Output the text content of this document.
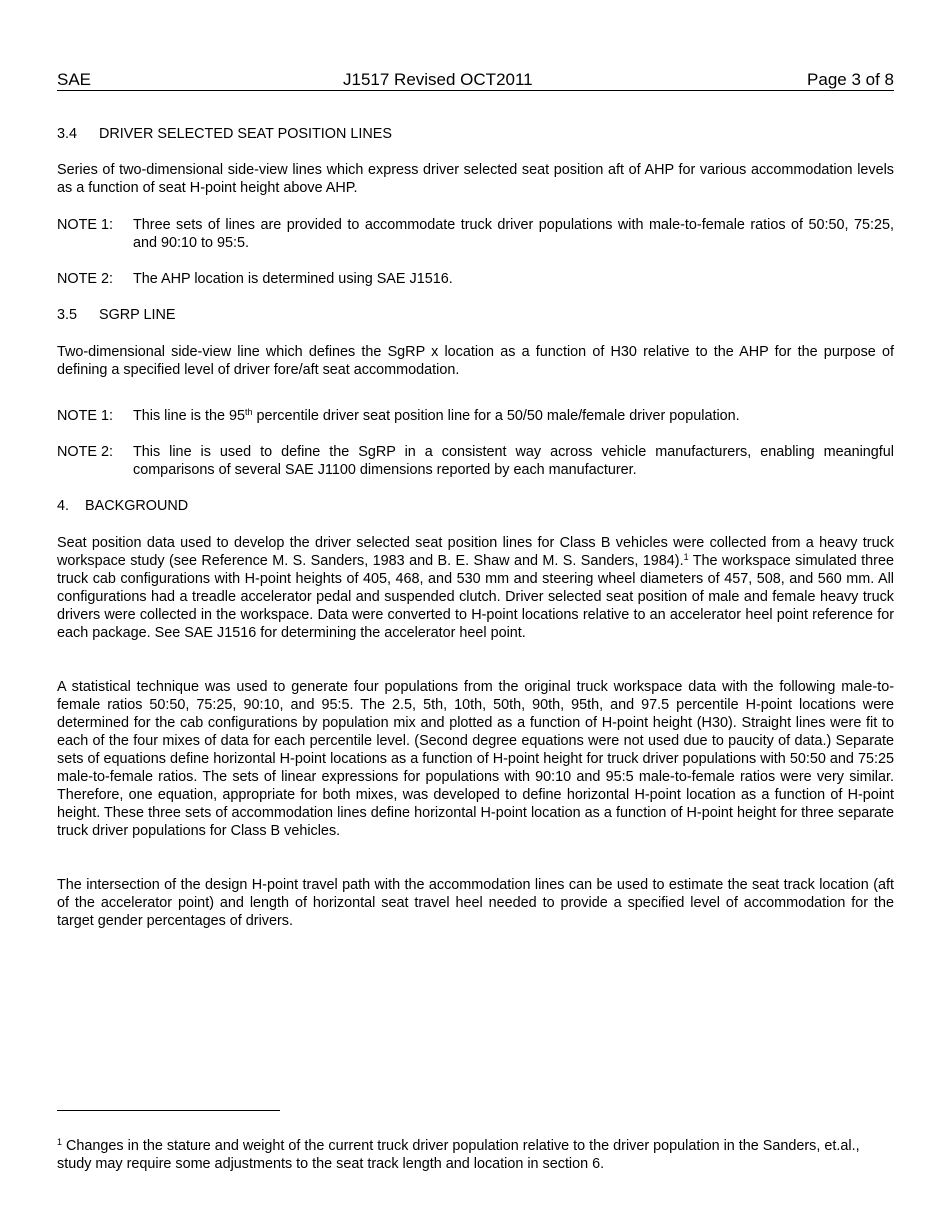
SAE	J1517 Revised OCT2011	Page 3 of 8
3.4 DRIVER SELECTED SEAT POSITION LINES
Series of two-dimensional side-view lines which express driver selected seat position aft of AHP for various accommodation levels as a function of seat H-point height above AHP.
NOTE 1:	Three sets of lines are provided to accommodate truck driver populations with male-to-female ratios of 50:50, 75:25, and 90:10 to 95:5.
NOTE 2:	The AHP location is determined using SAE J1516.
3.5 SGRP LINE
Two-dimensional side-view line which defines the SgRP x location as a function of H30 relative to the AHP for the purpose of defining a specified level of driver fore/aft seat accommodation.
NOTE 1:	This line is the 95th percentile driver seat position line for a 50/50 male/female driver population.
NOTE 2:	This line is used to define the SgRP in a consistent way across vehicle manufacturers, enabling meaningful comparisons of several SAE J1100 dimensions reported by each manufacturer.
4. BACKGROUND
Seat position data used to develop the driver selected seat position lines for Class B vehicles were collected from a heavy truck workspace study (see Reference M. S. Sanders, 1983 and B. E. Shaw and M. S. Sanders, 1984).$^1$ The workspace simulated three truck cab configurations with H-point heights of 405, 468, and 530 mm and steering wheel diameters of 457, 508, and 560 mm. All configurations had a treadle accelerator pedal and suspended clutch. Driver selected seat position of male and female heavy truck drivers were collected in the workspace. Data were converted to H-point locations relative to an accelerator heel point reference for each package. See SAE J1516 for determining the accelerator heel point.
A statistical technique was used to generate four populations from the original truck workspace data with the following male-to-female ratios 50:50, 75:25, 90:10, and 95:5. The 2.5, 5th, 10th, 50th, 90th, 95th, and 97.5 percentile H-point locations were determined for the cab configurations by population mix and plotted as a function of H-point height (H30). Straight lines were fit to each of the four mixes of data for each percentile level. (Second degree equations were not used due to paucity of data.) Separate sets of equations define horizontal H-point locations as a function of H-point height for truck driver populations with 50:50 and 75:25 male-to-female ratios. The sets of linear expressions for populations with 90:10 and 95:5 male-to-female ratios were very similar. Therefore, one equation, appropriate for both mixes, was developed to define horizontal H-point location as a function of H-point height. These three sets of accommodation lines define horizontal H-point location as a function of H-point height for three separate truck driver populations for Class B vehicles.
The intersection of the design H-point travel path with the accommodation lines can be used to estimate the seat track location (aft of the accelerator point) and length of horizontal seat travel heel needed to provide a specified level of accommodation for the target gender percentages of drivers.
$^1$ Changes in the stature and weight of the current truck driver population relative to the driver population in the Sanders, et.al., study may require some adjustments to the seat track length and location in section 6.
